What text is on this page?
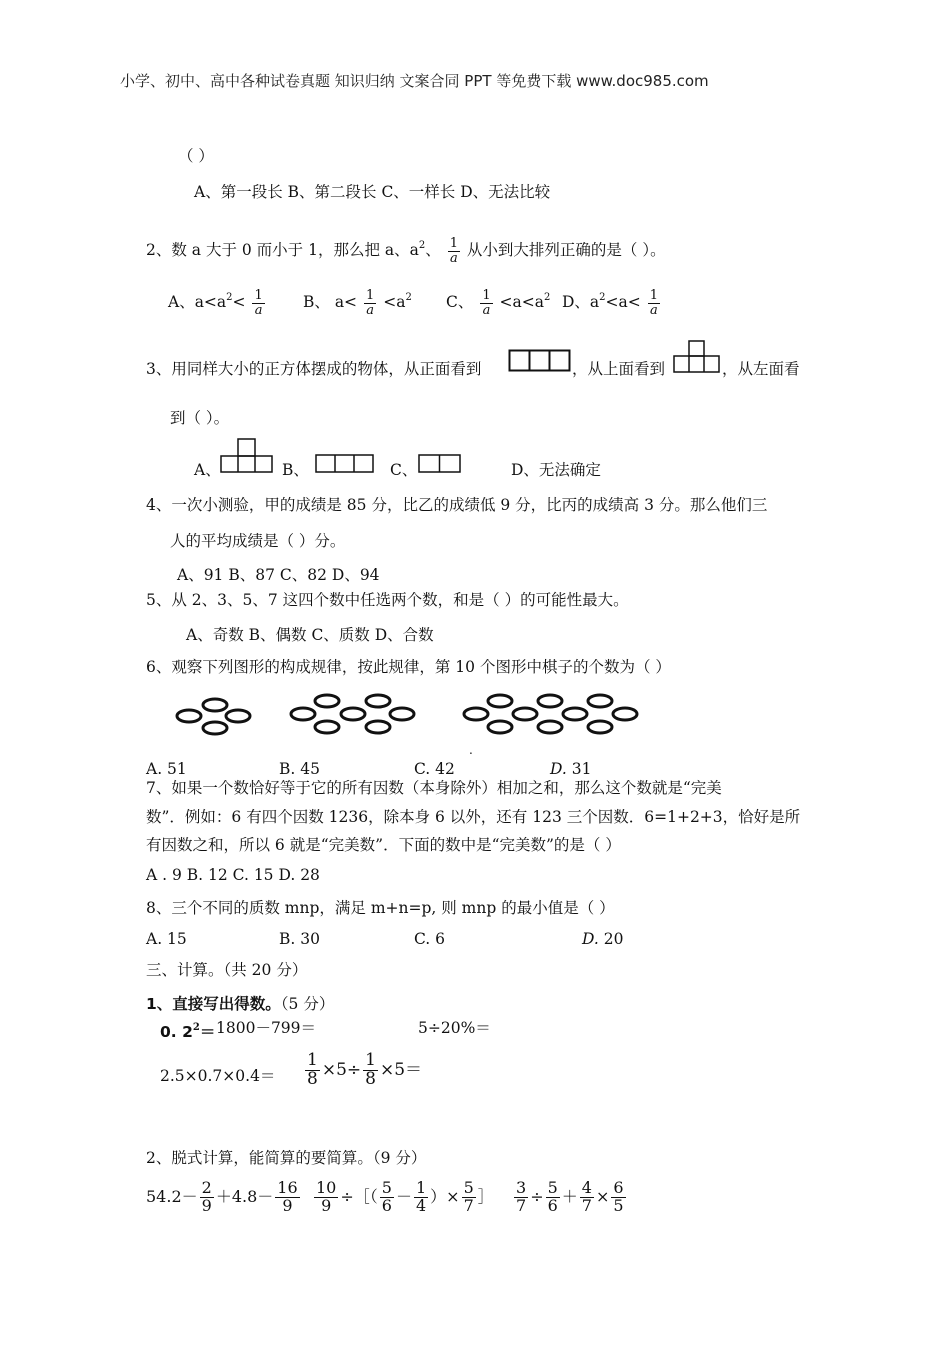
小学、初中、高中各种试卷真题 知识归纳 文案合同 PPT 等免费下载 www.doc985.com
（ ）
A、第一段长 B、第二段长 C、一样长 D、无法比较
2、数 a 大于 0 而小于 1，那么把 a、$a^2$、 $\frac{1}{a}$ 从小到大排列正确的是（ ）。
A、$a<a^2< \frac{1}{a}$ B、 $a< \frac{1}{a} <a^2$ C、 $\frac{1}{a} <a<a^2$ D、$a^2<a< \frac{1}{a}$
3、用同样大小的正方体摆成的物体，从正面看到	，从上面看到	，从左面看
到（ ）。
A、	B、	C、	D、无法确定
4、一次小测验，甲的成绩是 85 分，比乙的成绩低 9 分，比丙的成绩高 3 分。那么他们三
人的平均成绩是（ ）分。
A、91 B、87 C、82 D、94
5、从 2、3、5、7 这四个数中任选两个数，和是（ ）的可能性最大。
A、奇数 B、偶数 C、质数 D、合数
6、观察下列图形的构成规律，按此规律，第 10 个图形中棋子的个数为（ ）
.
A. 51	B. 45	C. 42	D. 31
7、如果一个数恰好等于它的所有因数（本身除外）相加之和，那么这个数就是“完美
数”．例如：6 有四个因数 1236，除本身 6 以外，还有 123 三个因数．6=1+2+3，恰好是所
有因数之和，所以 6 就是“完美数”．下面的数中是“完美数”的是（ ）
A . 9 B. 12 C. 15 D. 28
8、三个不同的质数 mnp，满足 m+n=p, 则 mnp 的最小值是（ ）
A. 15	B. 30	C. 6	D. 20
三、计算。（共 20 分）
1、直接写出得数。（5 分）
0. $2^2= 1800-799=$	5÷20%＝
$2.5\times 0.7\times 0.4= \frac{1}{8} \times 5\div \frac{1}{8} \times 5=$
2、脱式计算，能简算的要简算。（9 分）
$54.2- \frac{2}{9} +4.8- \frac{16}{9} \frac{10}{9}$ ÷［（ $\frac{5}{6} - \frac{1}{4}$ ）× $\frac{5}{7}$ ］ $\frac{3}{7} \div \frac{5}{6} + \frac{4}{7} \times \frac{6}{5}$
